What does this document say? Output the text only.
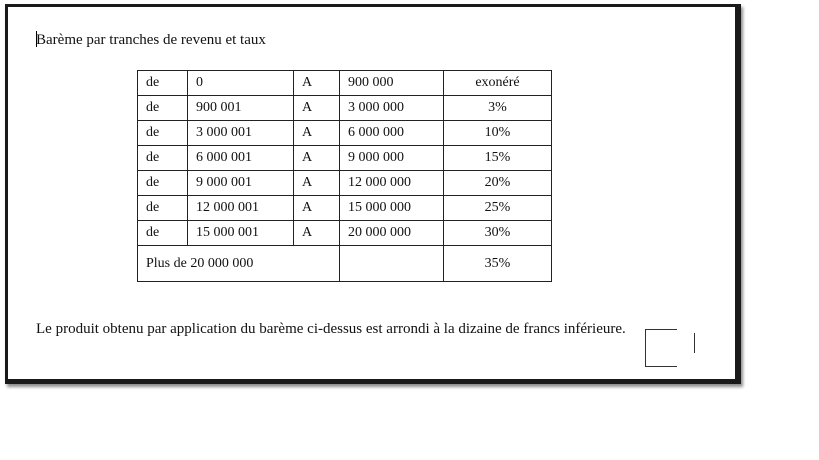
Barème par tranches de revenu et taux
de	0	A	900 000	exonéré
de	900 001	A	3 000 000	3%
de	3 000 001	A	6 000 000	10%
de	6 000 001	A	9 000 000	15%
de	9 000 001	A	12 000 000	20%
de	12 000 001	A	15 000 000	25%
de	15 000 001	A	20 000 000	30%
Plus de 20 000 000				35%
Le produit obtenu par application du barème ci-dessus est arrondi à la dizaine de francs inférieure.
